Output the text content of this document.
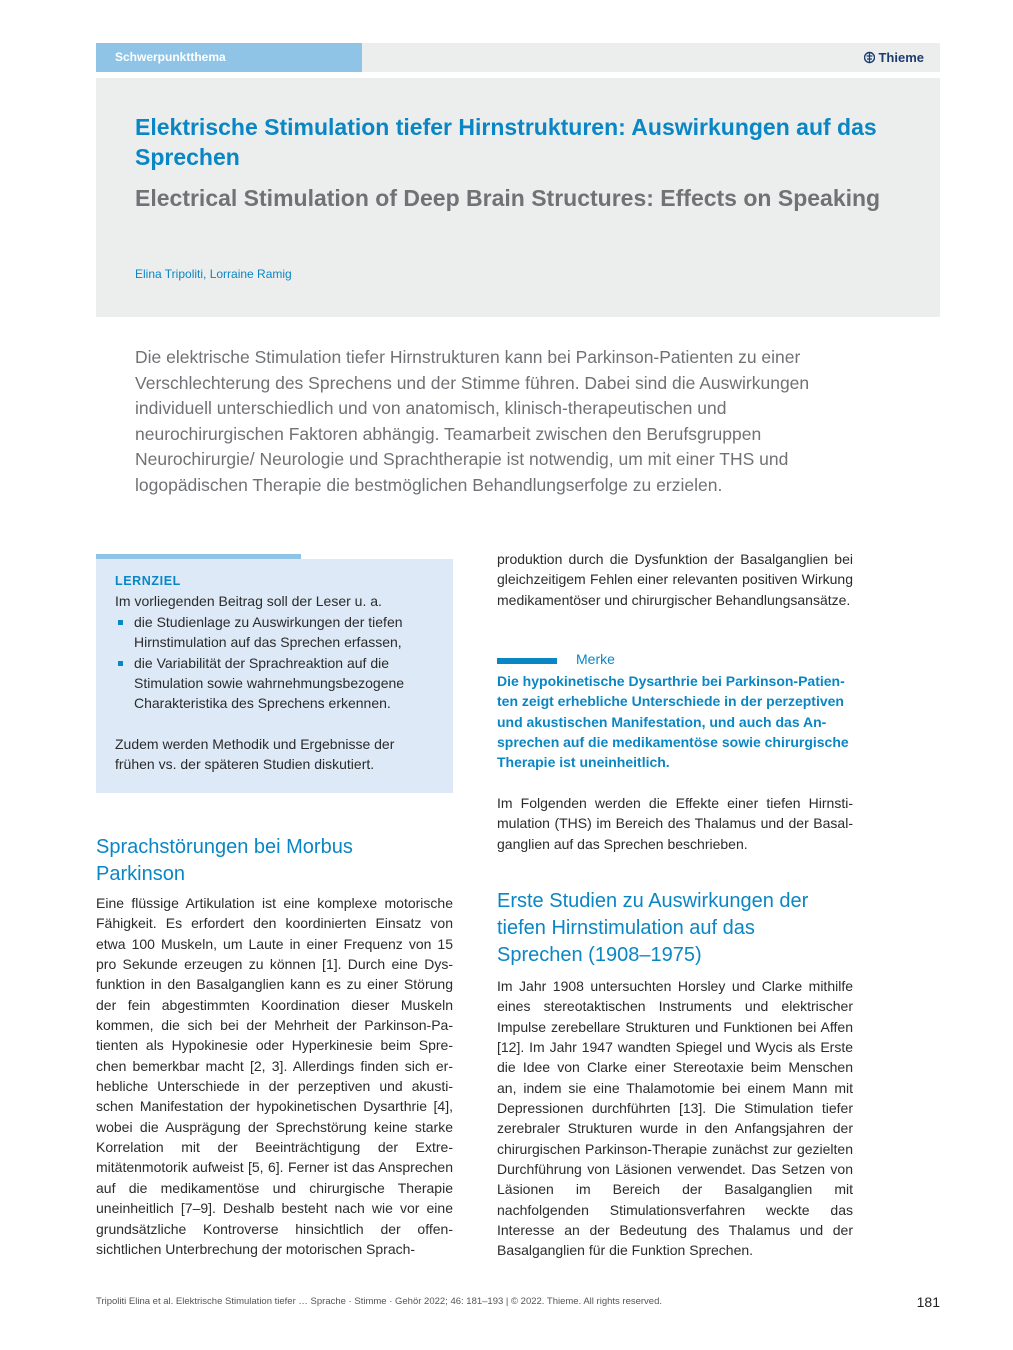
Schwerpunktthema	Thieme
Elektrische Stimulation tiefer Hirnstrukturen: Auswirkungen auf das Sprechen
Electrical Stimulation of Deep Brain Structures: Effects on Speaking
Elina Tripoliti, Lorraine Ramig

Die elektrische Stimulation tiefer Hirnstrukturen kann bei Parkinson-Patienten zu einer Verschlechterung des Sprechens und der Stimme führen. Dabei sind die Auswirkungen individuell unterschiedlich und von anatomisch, klinisch-therapeutischen und neurochirurgischen Faktoren abhängig. Teamarbeit zwischen den Berufsgruppen Neurochirurgie/ Neurologie und Sprachtherapie ist notwendig, um mit einer THS und logopädischen Therapie die bestmöglichen Behandlungserfolge zu erzielen.

LERNZIEL

Im vorliegenden Beitrag soll der Leser u. a.

die Studienlage zu Auswirkungen der tiefen Hirnstimulation auf das Sprechen erfassen,
die Variabilität der Sprachreaktion auf die Stimulation sowie wahrnehmungsbezogene Charakteristika des Sprechens erkennen.

Zudem werden Methodik und Ergebnisse der frühen vs. der späteren Studien diskutiert.

Sprachstörungen bei Morbus Parkinson

Eine flüssige Artikulation ist eine komplexe motorische Fähigkeit. Es erfordert den koordinierten Einsatz von etwa 100 Muskeln, um Laute in einer Frequenz von 15 pro Sekunde erzeugen zu können [1]. Durch eine Dysfunktion in den Basalganglien kann es zu einer Störung der fein abgestimmten Koordination dieser Muskeln kommen, die sich bei der Mehrheit der Parkinson-Patienten als Hypokinesie oder Hyperkinesie beim Sprechen bemerkbar macht [2, 3]. Allerdings finden sich erhebliche Unterschiede in der perzeptiven und akustischen Manifestation der hypokinetischen Dysarthrie [4], wobei die Ausprägung der Sprechstörung keine starke Korrelation mit der Beeinträchtigung der Extremitätenmotorik aufweist [5, 6]. Ferner ist das Ansprechen auf die medikamentöse und chirurgische Therapie uneinheitlich [7–9]. Deshalb besteht nach wie vor eine grundsätzliche Kontroverse hinsichtlich der offensichtlichen Unterbrechung der motorischen Sprach-

produktion durch die Dysfunktion der Basalganglien bei gleichzeitigem Fehlen einer relevanten positiven Wirkung medikamentöser und chirurgischer Behandlungsansätze.

Merke

Die hypokinetische Dysarthrie bei Parkinson-Patienten zeigt erhebliche Unterschiede in der perzeptiven und akustischen Manifestation, und auch das Ansprechen auf die medikamentöse sowie chirurgische Therapie ist uneinheitlich.

Im Folgenden werden die Effekte einer tiefen Hirnstimulation (THS) im Bereich des Thalamus und der Basalganglien auf das Sprechen beschrieben.

Erste Studien zu Auswirkungen der tiefen Hirnstimulation auf das Sprechen (1908–1975)

Im Jahr 1908 untersuchten Horsley und Clarke mithilfe eines stereotaktischen Instruments und elektrischer Impulse zerebellare Strukturen und Funktionen bei Affen [12]. Im Jahr 1947 wandten Spiegel und Wycis als Erste die Idee von Clarke einer Stereotaxie beim Menschen an, indem sie eine Thalamotomie bei einem Mann mit Depressionen durchführten [13]. Die Stimulation tiefer zerebraler Strukturen wurde in den Anfangsjahren der chirurgischen Parkinson-Therapie zunächst zur gezielten Durchführung von Läsionen verwendet. Das Setzen von Läsionen im Bereich der Basalganglien mit nachfolgenden Stimulationsverfahren weckte das Interesse an der Bedeutung des Thalamus und der Basalganglien für die Funktion Sprechen.

Tripoliti Elina et al. Elektrische Stimulation tiefer … Sprache · Stimme · Gehör 2022; 46: 181–193 | © 2022. Thieme. All rights reserved.	181
